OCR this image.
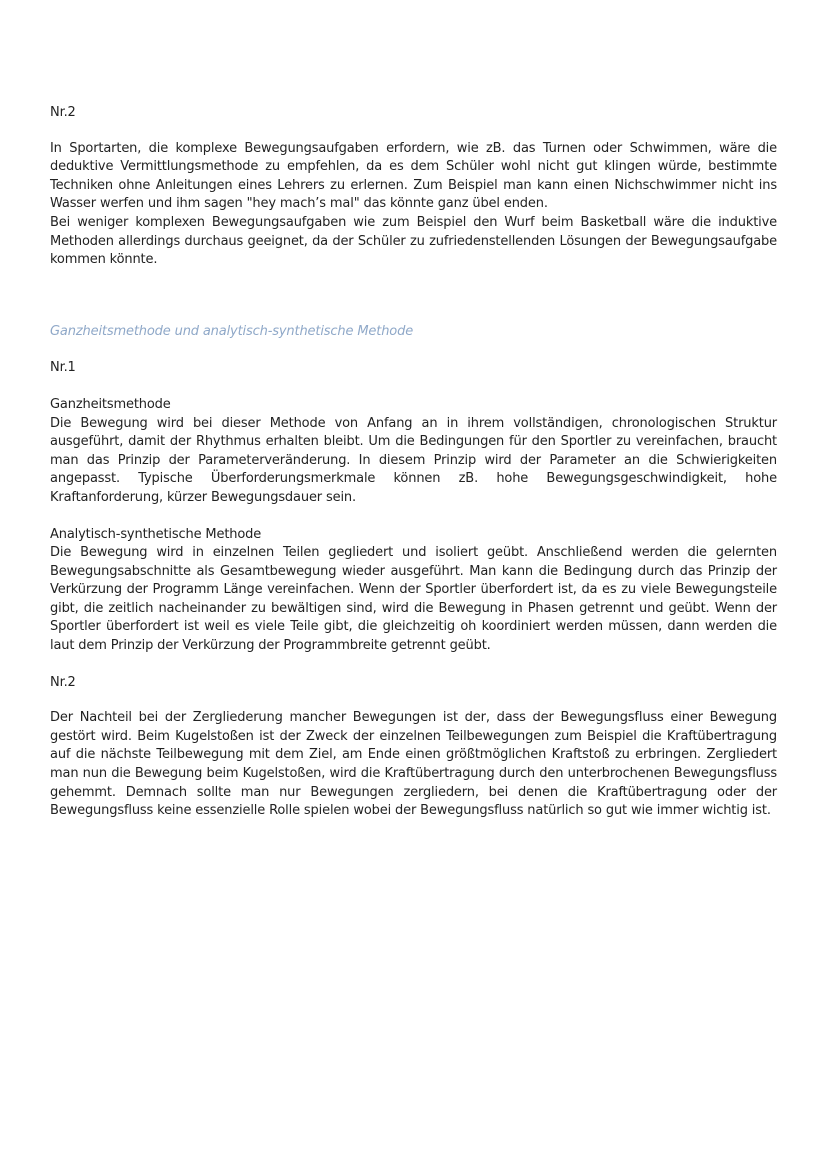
Nr.2

In Sportarten, die komplexe Bewegungsaufgaben erfordern, wie zB. das Turnen oder Schwimmen, wäre die deduktive Vermittlungsmethode zu empfehlen, da es dem Schüler wohl nicht gut klingen würde, bestimmte Techniken ohne Anleitungen eines Lehrers zu erlernen. Zum Beispiel man kann einen Nichschwimmer nicht ins Wasser werfen und ihm sagen "hey mach’s mal" das könnte ganz übel enden.

Bei weniger komplexen Bewegungsaufgaben wie zum Beispiel den Wurf beim Basketball wäre die induktive Methoden allerdings durchaus geeignet, da der Schüler zu zufriedenstellenden Lösungen der Bewegungsaufgabe kommen könnte.

Ganzheitsmethode und analytisch-synthetische Methode

Nr.1

Ganzheitsmethode

Die Bewegung wird bei dieser Methode von Anfang an in ihrem vollständigen, chronologischen Struktur ausgeführt, damit der Rhythmus erhalten bleibt. Um die Bedingungen für den Sportler zu vereinfachen, braucht man das Prinzip der Parameterveränderung. In diesem Prinzip wird der Parameter an die Schwierigkeiten angepasst. Typische Überforderungsmerkmale können zB. hohe Bewegungsgeschwindigkeit, hohe Kraftanforderung, kürzer Bewegungsdauer sein.

Analytisch-synthetische Methode

Die Bewegung wird in einzelnen Teilen gegliedert und isoliert geübt. Anschließend werden die gelernten Bewegungsabschnitte als Gesamtbewegung wieder ausgeführt. Man kann die Bedingung durch das Prinzip der Verkürzung der Programm Länge vereinfachen. Wenn der Sportler überfordert ist, da es zu viele Bewegungsteile gibt, die zeitlich nacheinander zu bewältigen sind, wird die Bewegung in Phasen getrennt und geübt. Wenn der Sportler überfordert ist weil es viele Teile gibt, die gleichzeitig oh koordiniert werden müssen, dann werden die laut dem Prinzip der Verkürzung der Programmbreite getrennt geübt.

Nr.2

Der Nachteil bei der Zergliederung mancher Bewegungen ist der, dass der Bewegungsfluss einer Bewegung gestört wird. Beim Kugelstoßen ist der Zweck der einzelnen Teilbewegungen zum Beispiel die Kraftübertragung auf die nächste Teilbewegung mit dem Ziel, am Ende einen größtmöglichen Kraftstoß zu erbringen. Zergliedert man nun die Bewegung beim Kugelstoßen, wird die Kraftübertragung durch den unterbrochenen Bewegungsfluss gehemmt. Demnach sollte man nur Bewegungen zergliedern, bei denen die Kraftübertragung oder der Bewegungsfluss keine essenzielle Rolle spielen wobei der Bewegungsfluss natürlich so gut wie immer wichtig ist.
